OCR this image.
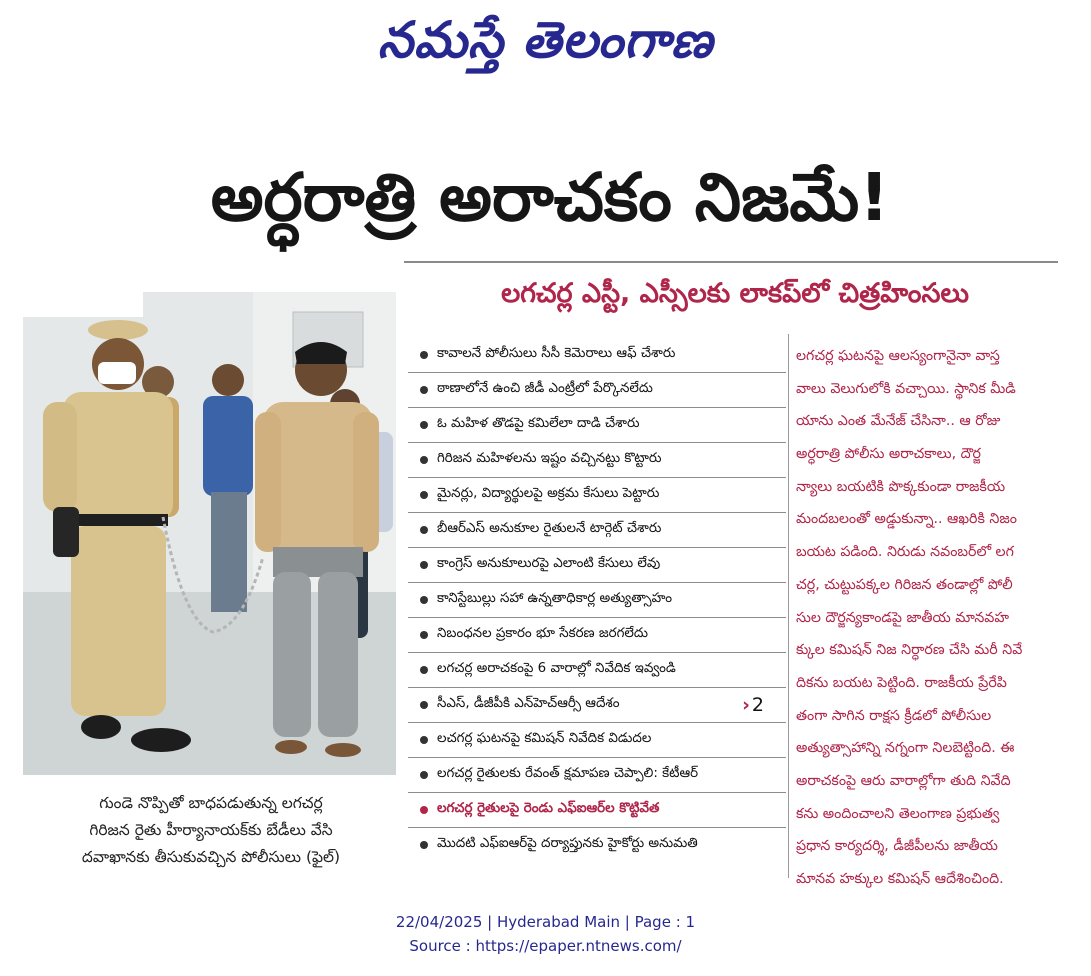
నమస్తే తెలంగాణ
అర్ధరాత్రి అరాచకం నిజమే!
లగచర్ల ఎస్టీ, ఎస్సీలకు లాకప్‌లో చిత్రహింసలు
గుండె నొప్పితో బాధపడుతున్న లగచర్ల
గిరిజన రైతు హీర్యానాయక్‌కు బేడీలు వేసి
దవాఖానకు తీసుకువచ్చిన పోలీసులు (ఫైల్)
కావాలనే పోలీసులు సీసీ కెమెరాలు ఆఫ్ చేశారు
ఠాణాలోనే ఉంచి జీడీ ఎంట్రీలో పేర్కొనలేదు
ఓ మహిళ తొడపై కమిలేలా దాడి చేశారు
గిరిజన మహిళలను ఇష్టం వచ్చినట్టు కొట్టారు
మైనర్లు, విద్యార్థులపై అక్రమ కేసులు పెట్టారు
బీఆర్‌ఎస్ అనుకూల రైతులనే టార్గెట్ చేశారు
కాంగ్రెస్ అనుకూలురపై ఎలాంటి కేసులు లేవు
కానిస్టేబుల్లు సహా ఉన్నతాధికార్ల అత్యుత్సాహం
నిబంధనల ప్రకారం భూ సేకరణ జరగలేదు
లగచర్ల అరాచకంపై 6 వారాల్లో నివేదిక ఇవ్వండి
సీఎస్, డీజీపీకి ఎన్‌హెచ్‌ఆర్సీ ఆదేశం	› 2
లచగర్ల ఘటనపై కమిషన్ నివేదిక విడుదల
లగచర్ల రైతులకు రేవంత్ క్షమాపణ చెప్పాలి: కేటీఆర్
లగచర్ల రైతులపై రెండు ఎఫ్‌ఐఆర్‌ల కొట్టివేత
మొదటి ఎఫ్‌ఐఆర్‌పై దర్యాప్తునకు హైకోర్టు అనుమతి
లగచర్ల ఘటనపై ఆలస్యంగానైనా వాస్త
వాలు వెలుగులోకి వచ్చాయి. స్థానిక మీడి
యాను ఎంత మేనేజ్ చేసినా.. ఆ రోజు
అర్ధరాత్రి పోలీసు అరాచకాలు, దౌర్జ
న్యాలు బయటికి పొక్కకుండా రాజకీయ
మందబలంతో అడ్డుకున్నా.. ఆఖరికి నిజం
బయట పడింది. నిరుడు నవంబర్‌లో లగ
చర్ల, చుట్టుపక్కల గిరిజన తండాల్లో పోలీ
సుల దౌర్జన్యకాండపై జాతీయ మానవహ
క్కుల కమిషన్ నిజ నిర్ధారణ చేసి మరీ నివే
దికను బయట పెట్టింది. రాజకీయ ప్రేరేపి
తంగా సాగిన రాక్షస క్రీడలో పోలీసుల
అత్యుత్సాహాన్ని నగ్నంగా నిలబెట్టింది. ఈ
అరాచకంపై ఆరు వారాల్లోగా తుది నివేది
కను అందించాలని తెలంగాణ ప్రభుత్వ
ప్రధాన కార్యదర్శి, డీజీపీలను జాతీయ
మానవ హక్కుల కమిషన్ ఆదేశించింది.
22/04/2025 | Hyderabad Main | Page : 1
Source : https://epaper.ntnews.com/
